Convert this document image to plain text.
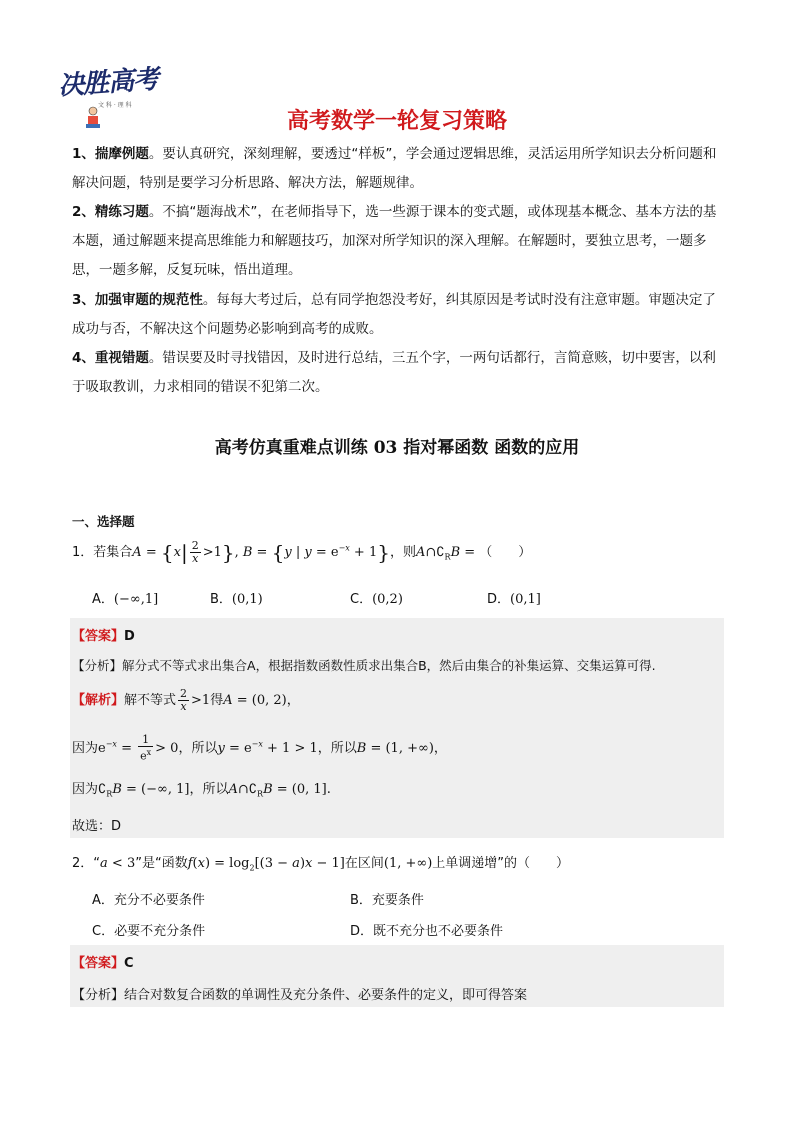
决胜高考
文 科 · 理 科
高考数学一轮复习策略
1、揣摩例题。要认真研究，深刻理解，要透过“样板”，学会通过逻辑思维，灵活运用所学知识去分析问题和解决问题，特别是要学习分析思路、解决方法，解题规律。
2、精练习题。不搞“题海战术”，在老师指导下，选一些源于课本的变式题，或体现基本概念、基本方法的基本题，通过解题来提高思维能力和解题技巧，加深对所学知识的深入理解。在解题时，要独立思考，一题多思，一题多解，反复玩味，悟出道理。
3、加强审题的规范性。每每大考过后，总有同学抱怨没考好，纠其原因是考试时没有注意审题。审题决定了成功与否，不解决这个问题势必影响到高考的成败。
4、重视错题。错误要及时寻找错因，及时进行总结，三五个字，一两句话都行，言简意赅，切中要害，以利于吸取教训，力求相同的错误不犯第二次。
高考仿真重难点训练 03 指对幂函数 函数的应用
一、选择题
1．若集合$A = \{x| \frac{2}{x} >1\}$, B = {y | $y = e^{-x} + 1$}，则$A\cap∁_RB$ = （　　）
A．(−∞,1]	B．(0,1)	C．(0,2)	D．(0,1]
【答案】D
【分析】解分式不等式求出集合A，根据指数函数性质求出集合B，然后由集合的补集运算、交集运算可得.
【解析】解不等式 $\frac{2}{x} >1$得A = (0, 2)，
因为$e^{-x} = \frac{1}{e^x} > 0$，所以$y = e^{-x} + 1 > 1$，所以B = (1, +∞)，
因为$∁_RB$ = (−∞, 1]，所以$A\cap∁_RB = (0$, 1].
故选：D
2．“a < 3”是“函数$f(x) = \log_2[(3 - a)x - 1]$在区间(1, +∞)上单调递增”的（　　）
A．充分不必要条件	B．充要条件
C．必要不充分条件	D．既不充分也不必要条件
【答案】C
【分析】结合对数复合函数的单调性及充分条件、必要条件的定义，即可得答案
